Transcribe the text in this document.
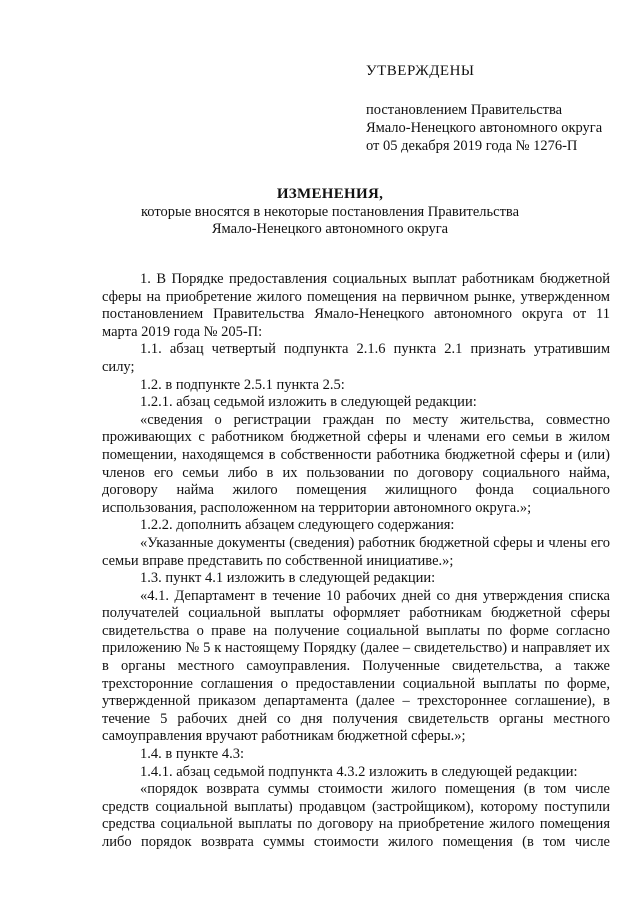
УТВЕРЖДЕНЫ
постановлением Правительства
Ямало-Ненецкого автономного округа
от 05 декабря 2019 года № 1276-П
ИЗМЕНЕНИЯ,
которые вносятся в некоторые постановления Правительства
Ямало-Ненецкого автономного округа

1. В Порядке предоставления социальных выплат работникам бюджетной сферы на приобретение жилого помещения на первичном рынке, утвержденном постановлением Правительства Ямало-Ненецкого автономного округа от 11 марта 2019 года № 205-П:

1.1. абзац четвертый подпункта 2.1.6 пункта 2.1 признать утратившим силу;

1.2. в подпункте 2.5.1 пункта 2.5:

1.2.1. абзац седьмой изложить в следующей редакции:

«сведения о регистрации граждан по месту жительства, совместно проживающих с работником бюджетной сферы и членами его семьи в жилом помещении, находящемся в собственности работника бюджетной сферы и (или) членов его семьи либо в их пользовании по договору социального найма, договору найма жилого помещения жилищного фонда социального использования, расположенном на территории автономного округа.»;

1.2.2. дополнить абзацем следующего содержания:

«Указанные документы (сведения) работник бюджетной сферы и члены его семьи вправе представить по собственной инициативе.»;

1.3. пункт 4.1 изложить в следующей редакции:

«4.1. Департамент в течение 10 рабочих дней со дня утверждения списка получателей социальной выплаты оформляет работникам бюджетной сферы свидетельства о праве на получение социальной выплаты по форме согласно приложению № 5 к настоящему Порядку (далее – свидетельство) и направляет их в органы местного самоуправления. Полученные свидетельства, а также трехсторонние соглашения о предоставлении социальной выплаты по форме, утвержденной приказом департамента (далее – трехстороннее соглашение), в течение 5 рабочих дней со дня получения свидетельств органы местного самоуправления вручают работникам бюджетной сферы.»;

1.4. в пункте 4.3:

1.4.1. абзац седьмой подпункта 4.3.2 изложить в следующей редакции:

«порядок возврата суммы стоимости жилого помещения (в том числе средств социальной выплаты) продавцом (застройщиком), которому поступили средства социальной выплаты по договору на приобретение жилого помещения либо порядок возврата суммы стоимости жилого помещения (в том числе
